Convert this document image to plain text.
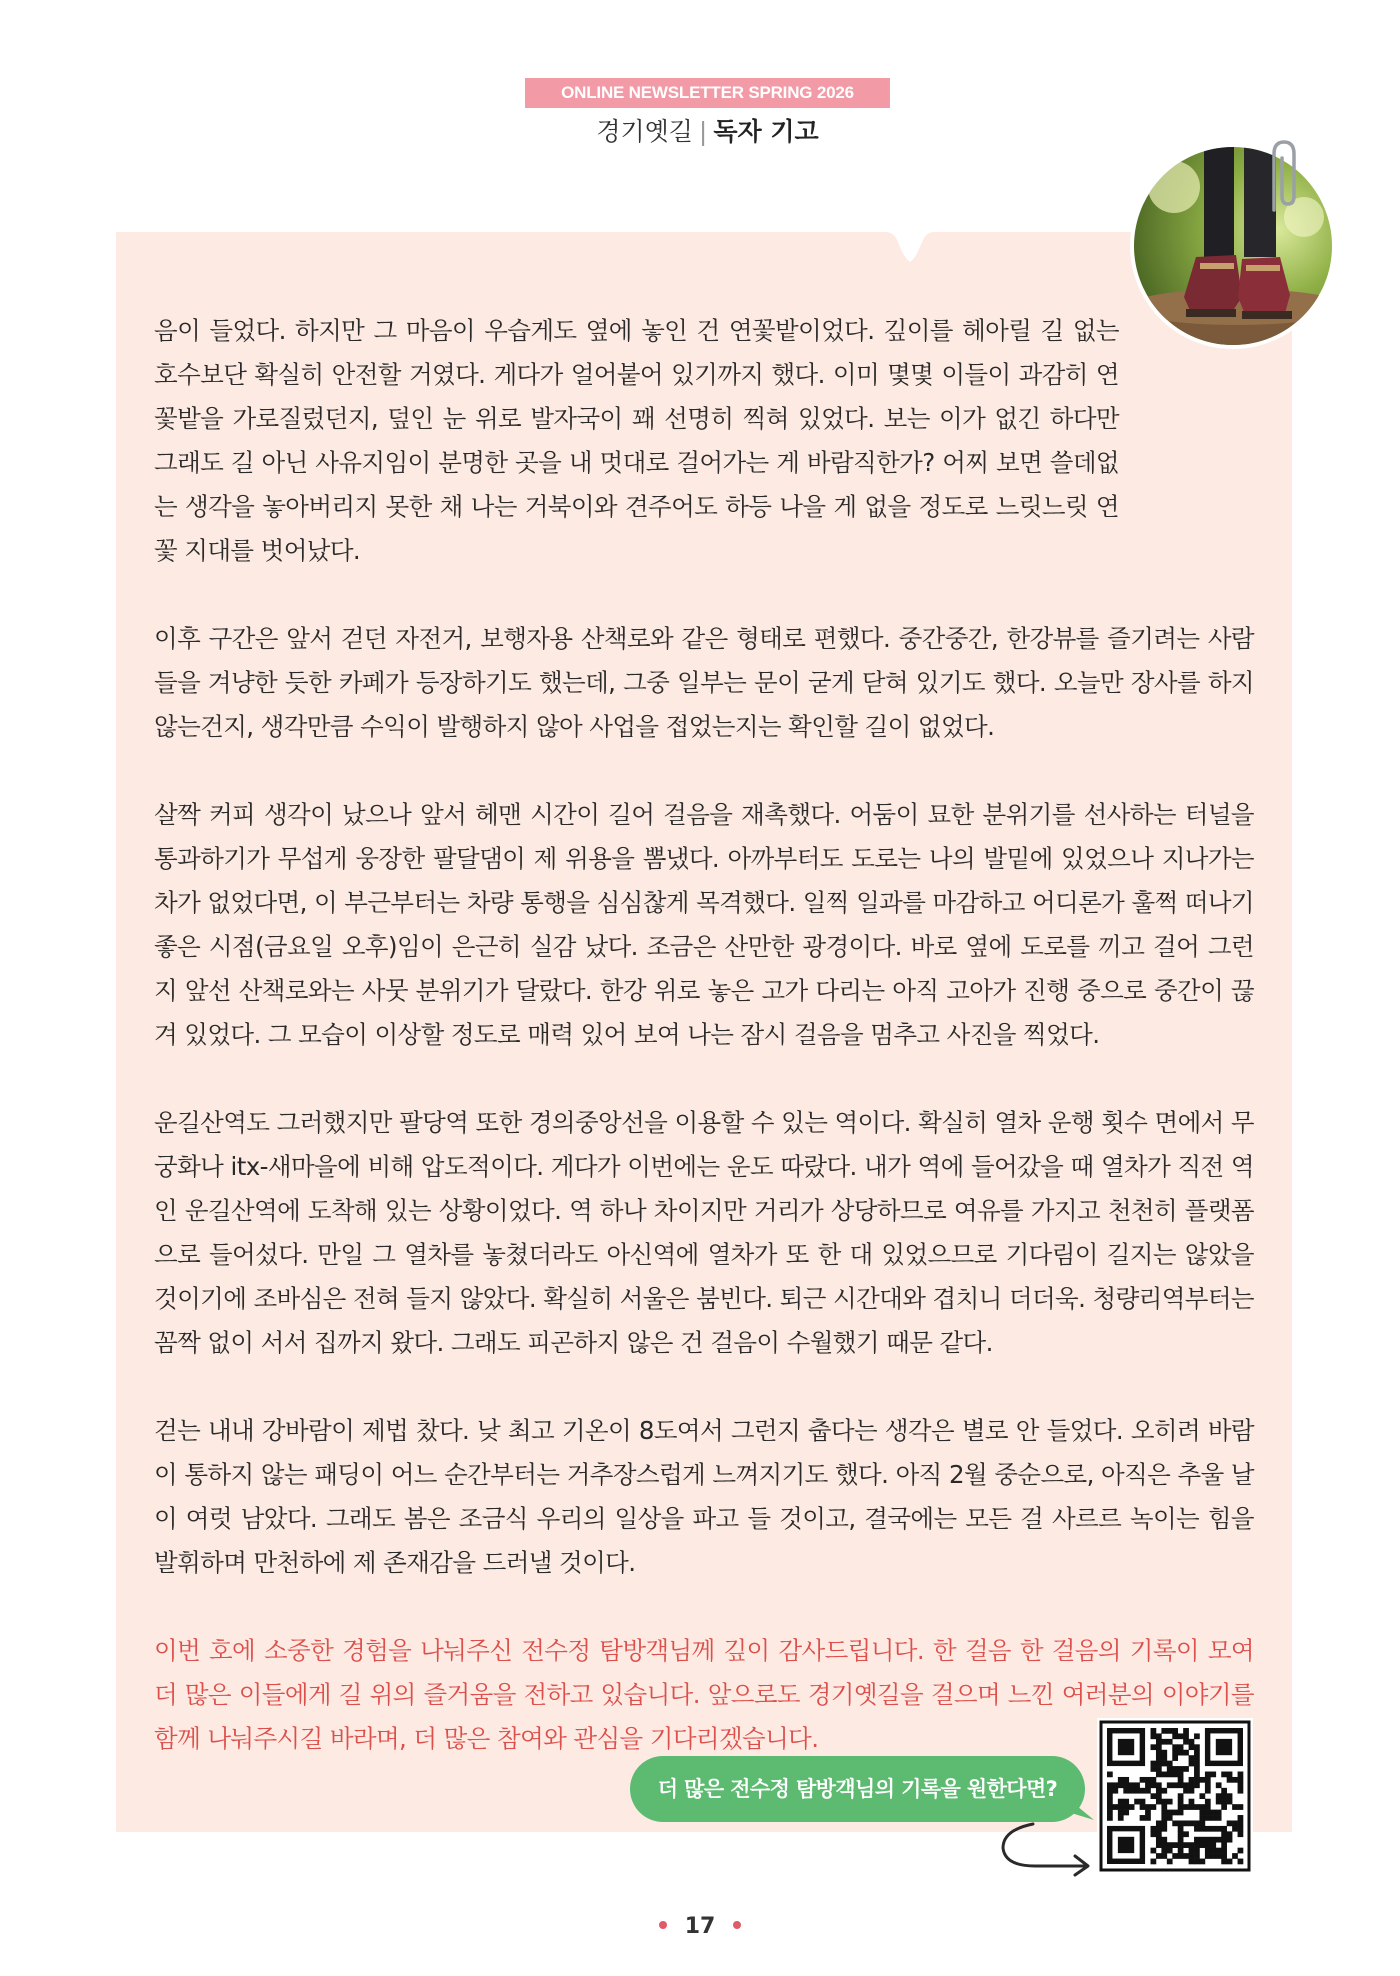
ONLINE NEWSLETTER SPRING 2026
경기옛길 | 독자 기고

음이 들었다. 하지만 그 마음이 우습게도 옆에 놓인 건 연꽃밭이었다. 깊이를 헤아릴 길 없는 호수보단 확실히 안전할 거였다. 게다가 얼어붙어 있기까지 했다. 이미 몇몇 이들이 과감히 연꽃밭을 가로질렀던지, 덮인 눈 위로 발자국이 꽤 선명히 찍혀 있었다. 보는 이가 없긴 하다만 그래도 길 아닌 사유지임이 분명한 곳을 내 멋대로 걸어가는 게 바람직한가? 어찌 보면 쓸데없는 생각을 놓아버리지 못한 채 나는 거북이와 견주어도 하등 나을 게 없을 정도로 느릿느릿 연꽃 지대를 벗어났다.

이후 구간은 앞서 걷던 자전거, 보행자용 산책로와 같은 형태로 편했다. 중간중간, 한강뷰를 즐기려는 사람들을 겨냥한 듯한 카페가 등장하기도 했는데, 그중 일부는 문이 굳게 닫혀 있기도 했다. 오늘만 장사를 하지 않는건지, 생각만큼 수익이 발행하지 않아 사업을 접었는지는 확인할 길이 없었다.

살짝 커피 생각이 났으나 앞서 헤맨 시간이 길어 걸음을 재촉했다. 어둠이 묘한 분위기를 선사하는 터널을 통과하기가 무섭게 웅장한 팔달댐이 제 위용을 뽐냈다. 아까부터도 도로는 나의 발밑에 있었으나 지나가는 차가 없었다면, 이 부근부터는 차량 통행을 심심찮게 목격했다. 일찍 일과를 마감하고 어디론가 훌쩍 떠나기 좋은 시점(금요일 오후)임이 은근히 실감 났다. 조금은 산만한 광경이다. 바로 옆에 도로를 끼고 걸어 그런지 앞선 산책로와는 사뭇 분위기가 달랐다. 한강 위로 놓은 고가 다리는 아직 고아가 진행 중으로 중간이 끊겨 있었다. 그 모습이 이상할 정도로 매력 있어 보여 나는 잠시 걸음을 멈추고 사진을 찍었다.

운길산역도 그러했지만 팔당역 또한 경의중앙선을 이용할 수 있는 역이다. 확실히 열차 운행 횟수 면에서 무궁화나 itx-새마을에 비해 압도적이다. 게다가 이번에는 운도 따랐다. 내가 역에 들어갔을 때 열차가 직전 역인 운길산역에 도착해 있는 상황이었다. 역 하나 차이지만 거리가 상당하므로 여유를 가지고 천천히 플랫폼으로 들어섰다. 만일 그 열차를 놓쳤더라도 아신역에 열차가 또 한 대 있었으므로 기다림이 길지는 않았을 것이기에 조바심은 전혀 들지 않았다. 확실히 서울은 붐빈다. 퇴근 시간대와 겹치니 더더욱. 청량리역부터는 꼼짝 없이 서서 집까지 왔다. 그래도 피곤하지 않은 건 걸음이 수월했기 때문 같다.

걷는 내내 강바람이 제법 찼다. 낮 최고 기온이 8도여서 그런지 춥다는 생각은 별로 안 들었다. 오히려 바람이 통하지 않는 패딩이 어느 순간부터는 거추장스럽게 느껴지기도 했다. 아직 2월 중순으로, 아직은 추울 날이 여럿 남았다. 그래도 봄은 조금식 우리의 일상을 파고 들 것이고, 결국에는 모든 걸 사르르 녹이는 힘을 발휘하며 만천하에 제 존재감을 드러낼 것이다.

이번 호에 소중한 경험을 나눠주신 전수정 탐방객님께 깊이 감사드립니다. 한 걸음 한 걸음의 기록이 모여 더 많은 이들에게 길 위의 즐거움을 전하고 있습니다. 앞으로도 경기옛길을 걸으며 느낀 여러분의 이야기를 함께 나눠주시길 바라며, 더 많은 참여와 관심을 기다리겠습니다.

더 많은 전수정 탐방객님의 기록을 원한다면?
17
